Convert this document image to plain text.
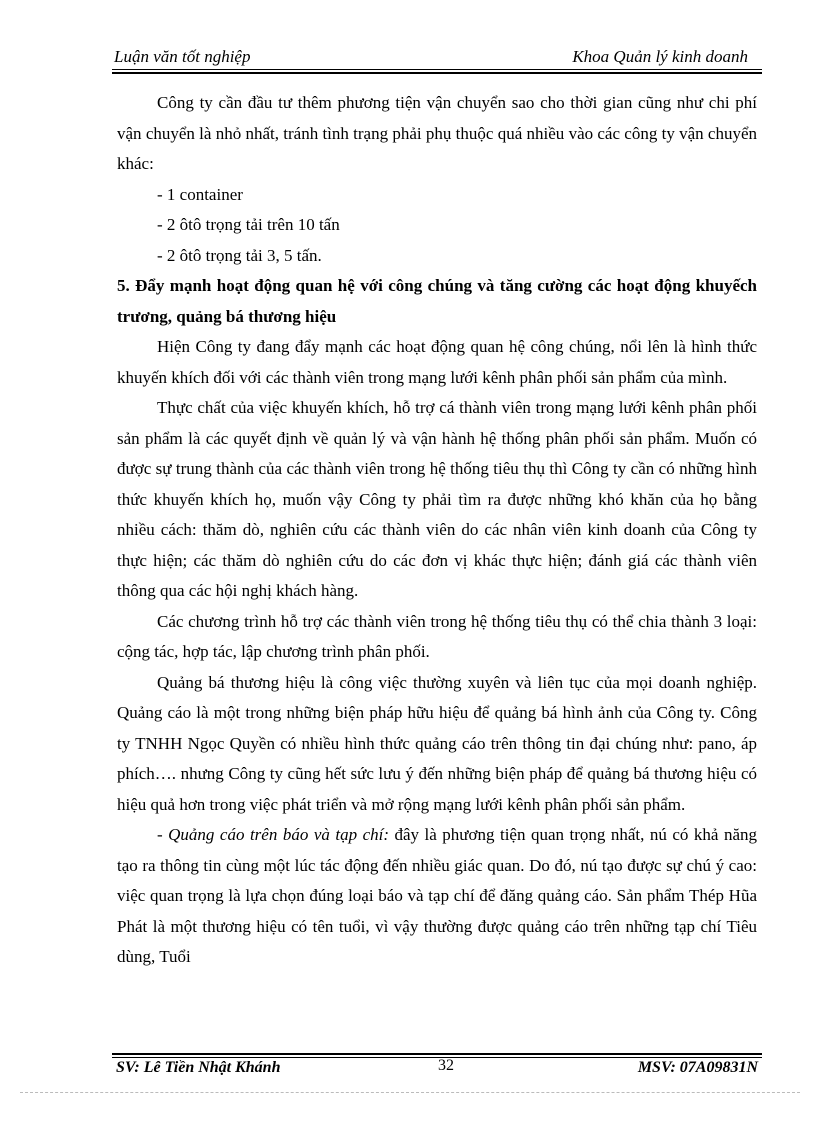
Luận văn tốt nghiệp	Khoa Quản lý kinh doanh

Công ty cần đầu tư thêm phương tiện vận chuyển sao cho thời gian cũng như chi phí vận chuyển là nhỏ nhất, tránh tình trạng phải phụ thuộc quá nhiều vào các công ty vận chuyển khác:

- 1 container

- 2 ôtô trọng tải trên 10 tấn

- 2 ôtô trọng tải 3, 5 tấn.

5. Đẩy mạnh hoạt động quan hệ với công chúng và tăng cường các hoạt động khuyếch trương, quảng bá thương hiệu

Hiện Công ty đang đẩy mạnh các hoạt động quan hệ công chúng, nổi lên là hình thức khuyến khích đối với các thành viên trong mạng lưới kênh phân phối sản phẩm của mình.

Thực chất của việc khuyến khích, hỗ trợ cá thành viên trong mạng lưới kênh phân phối sản phẩm là các quyết định về quản lý và vận hành hệ thống phân phối sản phẩm. Muốn có được sự trung thành của các thành viên trong hệ thống tiêu thụ thì Công ty cần có những hình thức khuyến khích họ, muốn vậy Công ty phải tìm ra được những khó khăn của họ bằng nhiều cách: thăm dò, nghiên cứu các thành viên do các nhân viên kinh doanh của Công ty thực hiện; các thăm dò nghiên cứu do các đơn vị khác thực hiện; đánh giá các thành viên thông qua các hội nghị khách hàng.

Các chương trình hỗ trợ các thành viên trong hệ thống tiêu thụ có thể chia thành 3 loại: cộng tác, hợp tác, lập chương trình phân phối.

Quảng bá thương hiệu là công việc thường xuyên và liên tục của mọi doanh nghiệp. Quảng cáo là một trong những biện pháp hữu hiệu để quảng bá hình ảnh của Công ty. Công ty TNHH Ngọc Quyền có nhiều hình thức quảng cáo trên thông tin đại chúng như: pano, áp phích…. nhưng Công ty cũng hết sức lưu ý đến những biện pháp để quảng bá thương hiệu có hiệu quả hơn trong việc phát triển và mở rộng mạng lưới kênh phân phối sản phẩm.

- Quảng cáo trên báo và tạp chí: đây là phương tiện quan trọng nhất, nú có khả năng tạo ra thông tin cùng một lúc tác động đến nhiều giác quan. Do đó, nú tạo được sự chú ý cao: việc quan trọng là lựa chọn đúng loại báo và tạp chí để đăng quảng cáo. Sản phẩm Thép Hũa Phát là một thương hiệu có tên tuổi, vì vậy thường được quảng cáo trên những tạp chí Tiêu dùng, Tuổi

SV: Lê Tiền Nhật Khánh	32	MSV: 07A09831N
